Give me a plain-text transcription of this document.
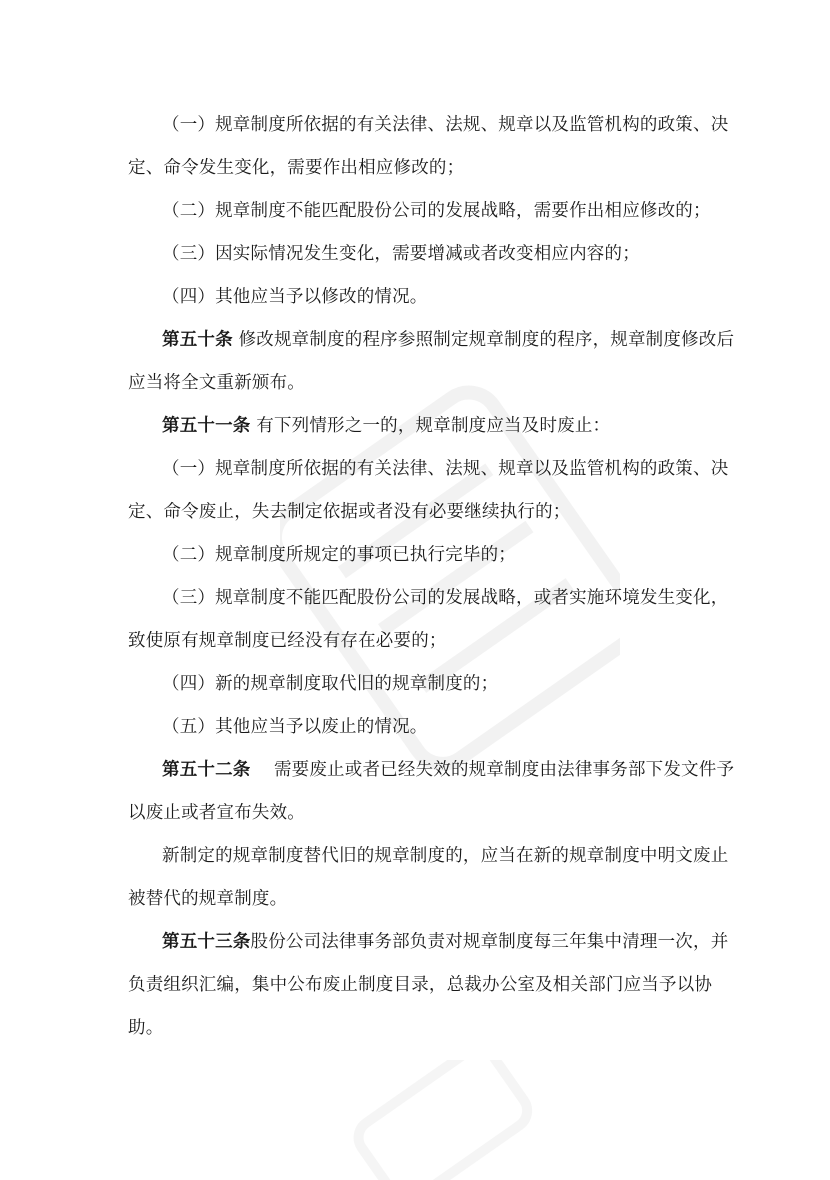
（一）规章制度所依据的有关法律、法规、规章以及监管机构的政策、决
定、命令发生变化，需要作出相应修改的；
（二）规章制度不能匹配股份公司的发展战略，需要作出相应修改的；
（三）因实际情况发生变化，需要增减或者改变相应内容的；
（四）其他应当予以修改的情况。
第五十条 修改规章制度的程序参照制定规章制度的程序，规章制度修改后
应当将全文重新颁布。
第五十一条 有下列情形之一的，规章制度应当及时废止：
（一）规章制度所依据的有关法律、法规、规章以及监管机构的政策、决
定、命令废止，失去制定依据或者没有必要继续执行的；
（二）规章制度所规定的事项已执行完毕的；
（三）规章制度不能匹配股份公司的发展战略，或者实施环境发生变化，
致使原有规章制度已经没有存在必要的；
（四）新的规章制度取代旧的规章制度的；
（五）其他应当予以废止的情况。
第五十二条　 需要废止或者已经失效的规章制度由法律事务部下发文件予
以废止或者宣布失效。
新制定的规章制度替代旧的规章制度的，应当在新的规章制度中明文废止
被替代的规章制度。
第五十三条股份公司法律事务部负责对规章制度每三年集中清理一次，并
负责组织汇编，集中公布废止制度目录，总裁办公室及相关部门应当予以协
助。
